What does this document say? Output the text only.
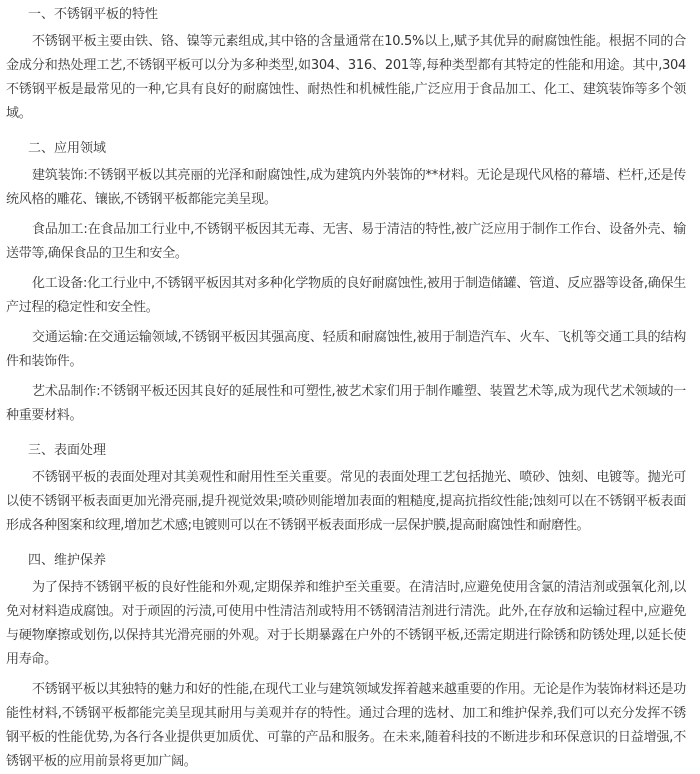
一、不锈钢平板的特性

不锈钢平板主要由铁、铬、镍等元素组成,其中铬的含量通常在10.5%以上,赋予其优异的耐腐蚀性能。根据不同的合金成分和热处理工艺,不锈钢平板可以分为多种类型,如304、316、201等,每种类型都有其特定的性能和用途。其中,304不锈钢平板是最常见的一种,它具有良好的耐腐蚀性、耐热性和机械性能,广泛应用于食品加工、化工、建筑装饰等多个领域。

二、应用领域

建筑装饰:不锈钢平板以其亮丽的光泽和耐腐蚀性,成为建筑内外装饰的**材料。无论是现代风格的幕墙、栏杆,还是传统风格的雕花、镶嵌,不锈钢平板都能完美呈现。

食品加工:在食品加工行业中,不锈钢平板因其无毒、无害、易于清洁的特性,被广泛应用于制作工作台、设备外壳、输送带等,确保食品的卫生和安全。

化工设备:化工行业中,不锈钢平板因其对多种化学物质的良好耐腐蚀性,被用于制造储罐、管道、反应器等设备,确保生产过程的稳定性和安全性。

交通运输:在交通运输领域,不锈钢平板因其强高度、轻质和耐腐蚀性,被用于制造汽车、火车、飞机等交通工具的结构件和装饰件。

艺术品制作:不锈钢平板还因其良好的延展性和可塑性,被艺术家们用于制作雕塑、装置艺术等,成为现代艺术领域的一种重要材料。

三、表面处理

不锈钢平板的表面处理对其美观性和耐用性至关重要。常见的表面处理工艺包括抛光、喷砂、蚀刻、电镀等。抛光可以使不锈钢平板表面更加光滑亮丽,提升视觉效果;喷砂则能增加表面的粗糙度,提高抗指纹性能;蚀刻可以在不锈钢平板表面形成各种图案和纹理,增加艺术感;电镀则可以在不锈钢平板表面形成一层保护膜,提高耐腐蚀性和耐磨性。

四、维护保养

为了保持不锈钢平板的良好性能和外观,定期保养和维护至关重要。在清洁时,应避免使用含氯的清洁剂或强氧化剂,以免对材料造成腐蚀。对于顽固的污渍,可使用中性清洁剂或特用不锈钢清洁剂进行清洗。此外,在存放和运输过程中,应避免与硬物摩擦或划伤,以保持其光滑亮丽的外观。对于长期暴露在户外的不锈钢平板,还需定期进行除锈和防锈处理,以延长使用寿命。

不锈钢平板以其独特的魅力和好的性能,在现代工业与建筑领域发挥着越来越重要的作用。无论是作为装饰材料还是功能性材料,不锈钢平板都能完美呈现其耐用与美观并存的特性。通过合理的选材、加工和维护保养,我们可以充分发挥不锈钢平板的性能优势,为各行各业提供更加质优、可靠的产品和服务。在未来,随着科技的不断进步和环保意识的日益增强,不锈钢平板的应用前景将更加广阔。
